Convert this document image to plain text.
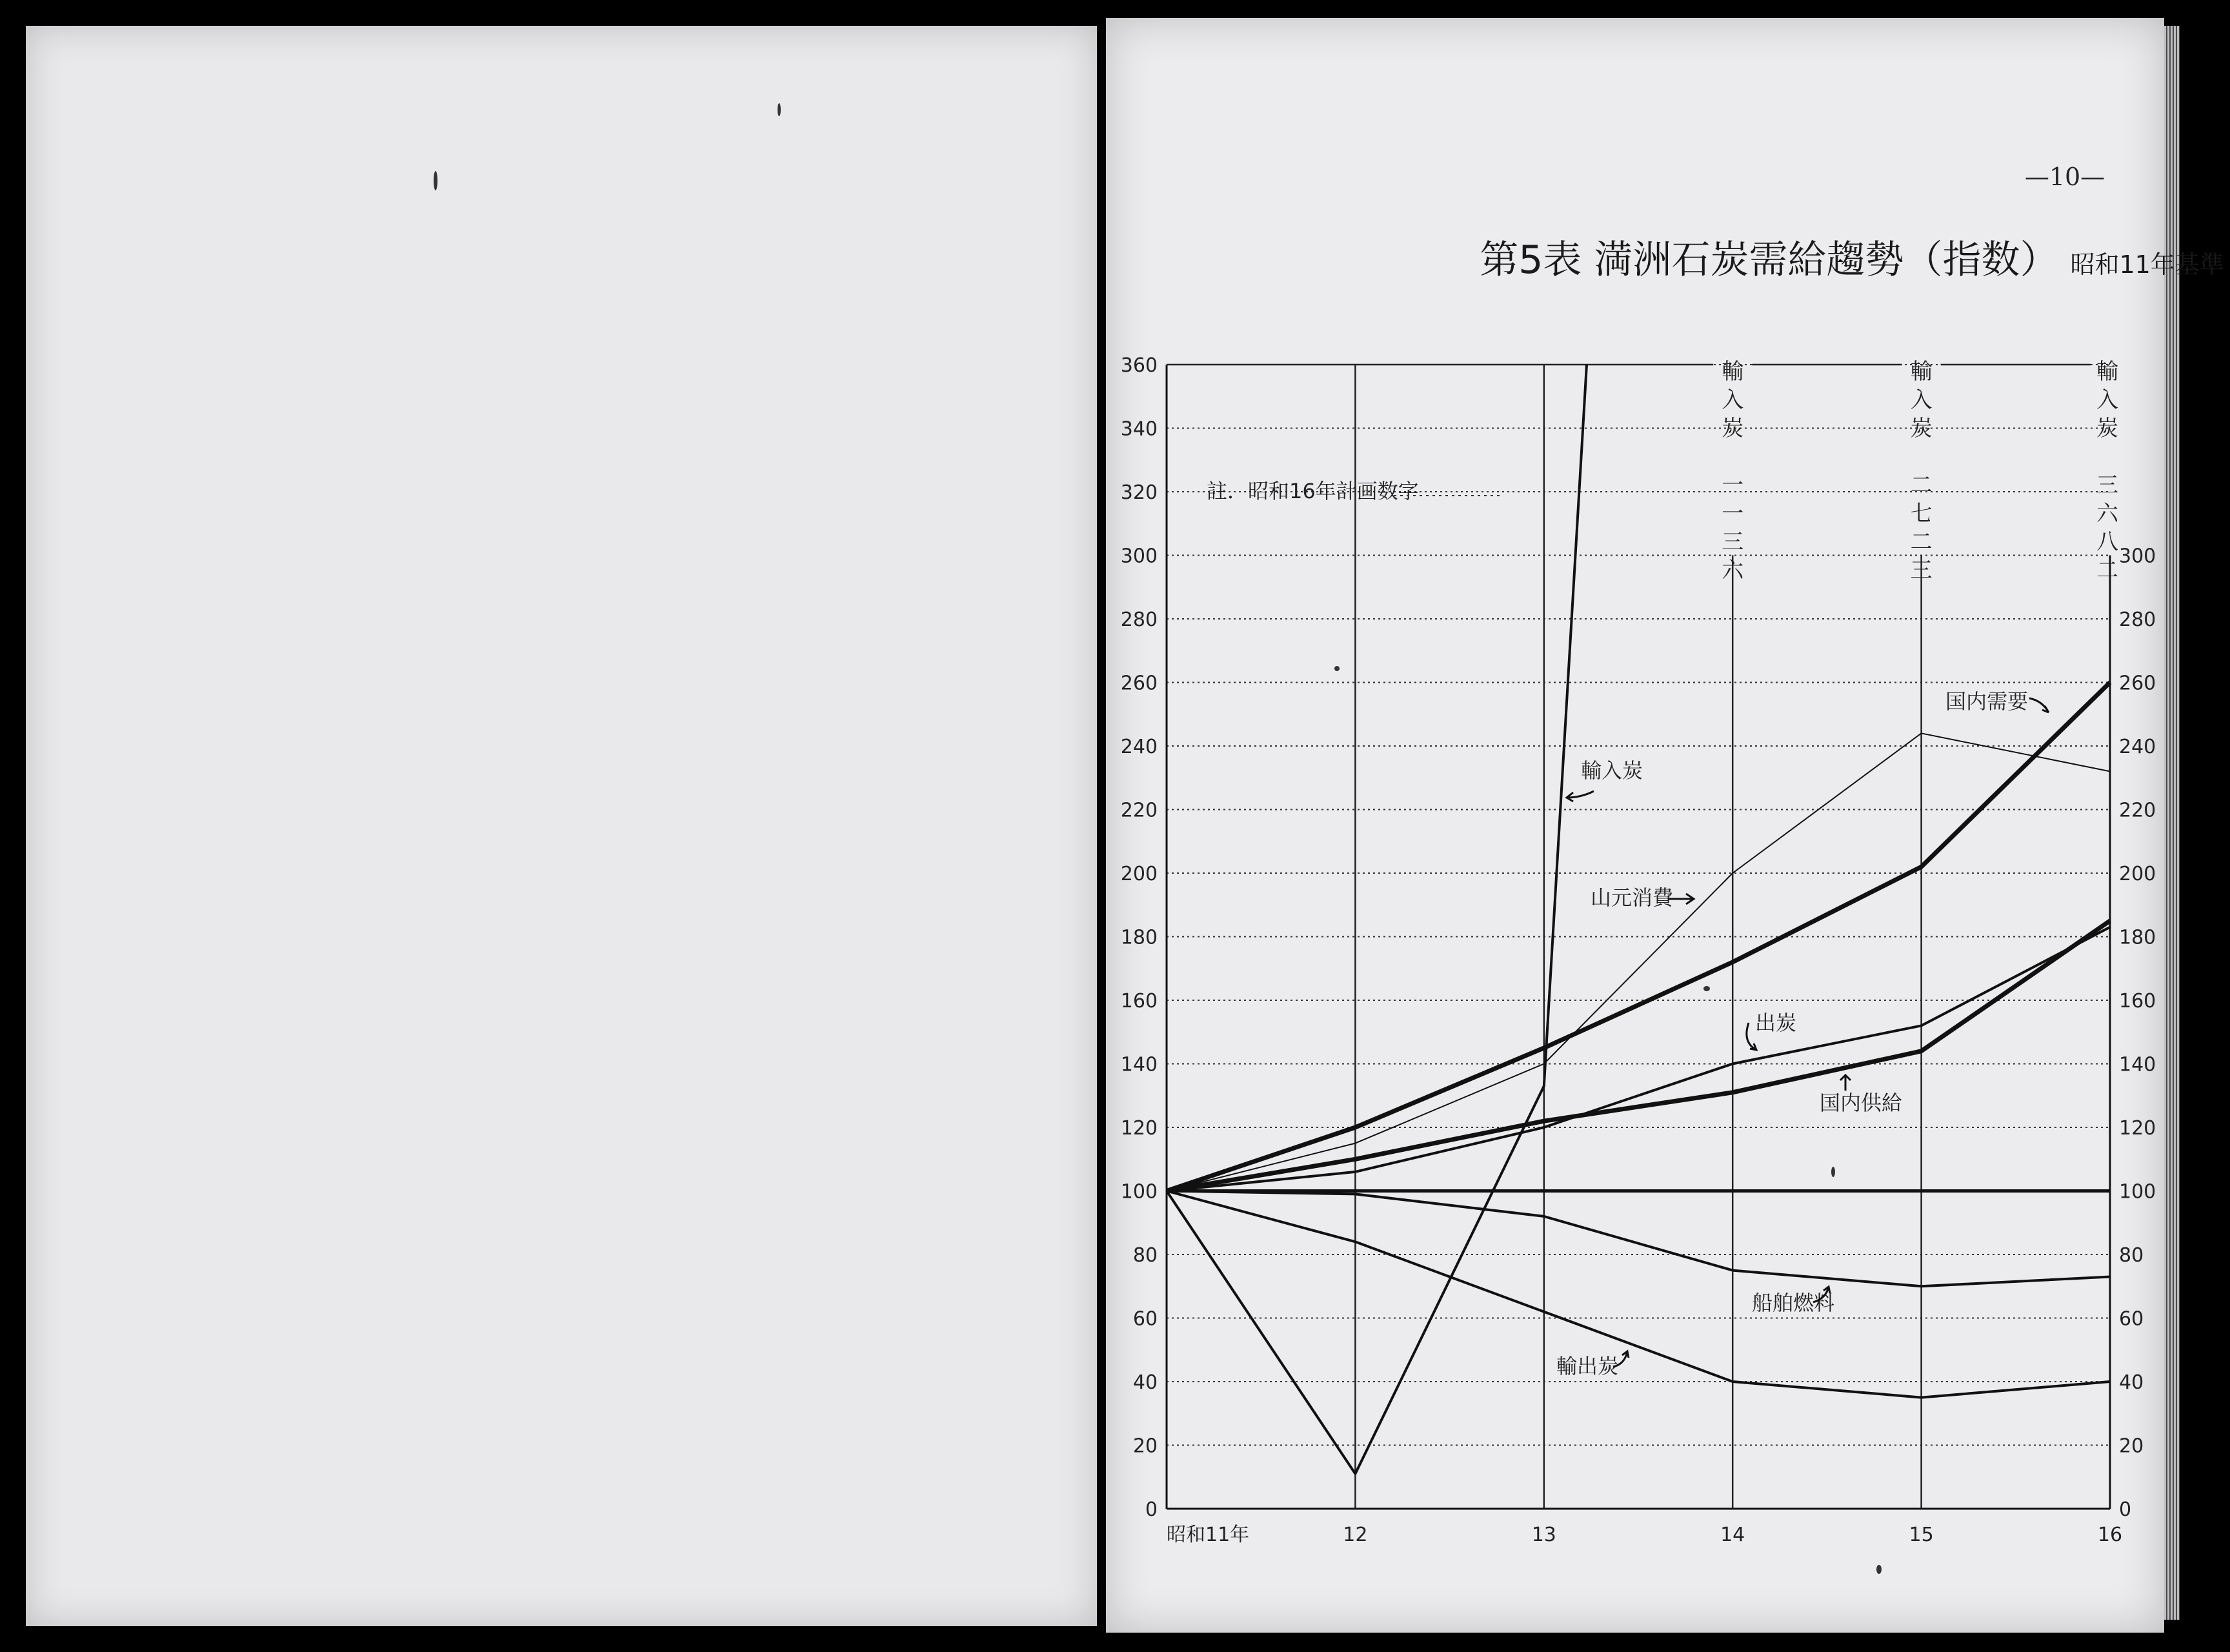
—10—

第5表 満洲石炭需給趨勢（指数） 昭和11年基準
0
20
40
60
80
100
120
140
160
180
200
220
240
260
280
300
320
340
360
0
20
40
60
80
100
120
140
160
180
200
220
240
260
280
300
昭和11年	12	13	14	15	16
輸
入
炭
一
一
三
六
輸
入
炭
二
七
二
三
輸
入
炭
三
六
八
二
註．昭和16年計画数字
国内需要
山元消費
出炭
国内供給
輸入炭
船舶燃料
輸出炭
